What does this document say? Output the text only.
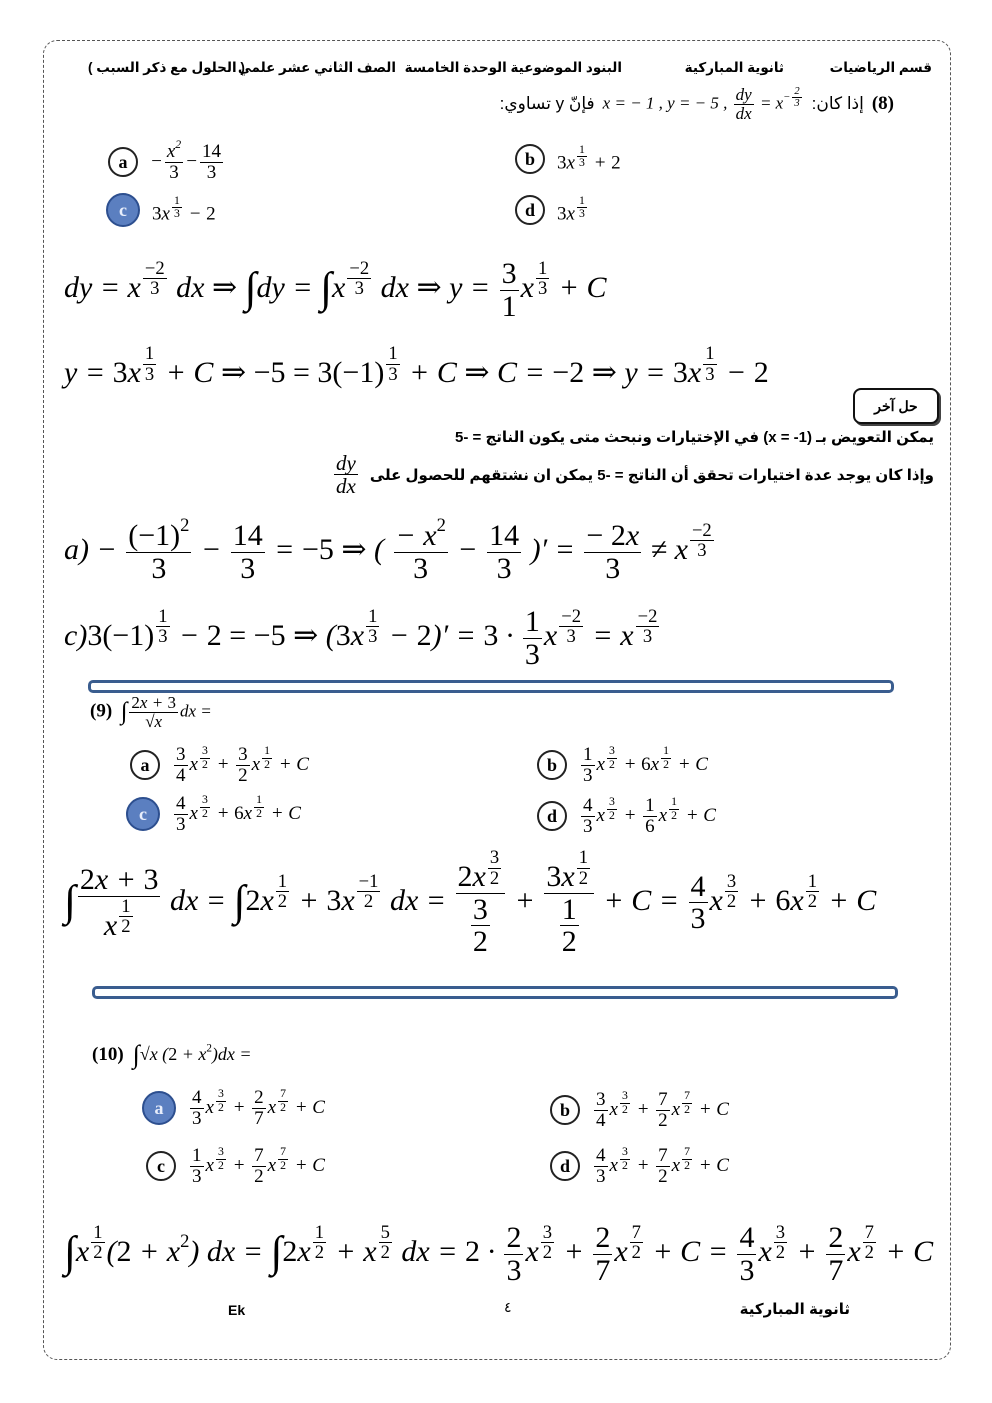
قسم الرياضيات
ثانوية المباركية
البنود الموضوعية الوحدة الخامسة
الصف الثاني عشر علمي
( الحلول مع ذكر السبب )
(8)
إذا كان:
x = − 1 , y = − 5 , $\frac{dy}{dx} = x^{- \frac{2}{3}}$
فإنّ y تساوي:
a	− $\frac{x^2}{3} - \frac{14}{3}$	b	3x $^{\frac{1}{3}}$ + 2
c	3x $^{\frac{1}{3}}$ − 2	d	3x $^{\frac{1}{3}}$
dy = x $^{\frac{-2}{3}}$ dx ⇒ ∫dy = ∫x $^{\frac{-2}{3}}$ dx ⇒ $y = \frac{3}{1}$ x $^{\frac{1}{3}}$ + C
y = 3x $^{\frac{1}{3}}$ + C ⇒ −5 = 3(−1) $^{\frac{1}{3}}$ + C ⇒ C = −2 ⇒ y = 3x $^{\frac{1}{3}}$ − 2
حل آخر
يمكن التعويض بـ (x = -1) في الإختيارات ونبحث متى يكون الناتج = -5
وإذا كان يوجد عدة اختيارات تحقق أن الناتج = -5 يمكن ان نشتقهم للحصول على
$\frac{dy}{dx}$
$a) - \frac{(-1)^2}{3} - \frac{14}{3} = -5$ ⇒ ( $\frac{- x^2}{3} - \frac{14}{3}$ )′ = $\frac{- 2x}{3} \ne x$ $^{\frac{-2}{3}}$
c)3(−1) $^{\frac{1}{3}}$ − 2 = −5 ⇒ (3x $^{\frac{1}{3}} - 2)' = 3 \cdot \frac{1}{3}$ x $^{\frac{-2}{3}}$ = x $^{\frac{-2}{3}}$
(9) ∫ $\frac{2x + 3}{√x}$ dx =
a	$\frac{3}{4}$ x $^{\frac{3}{2}} + \frac{3}{2}$ x $^{\frac{1}{2}}$ + C	b	$\frac{1}{3}$ x $^{\frac{3}{2}}$ + 6x $^{\frac{1}{2}}$ + C
c	$\frac{4}{3}$ x $^{\frac{3}{2}}$ + 6x $^{\frac{1}{2}}$ + C	d	$\frac{4}{3}$ x $^{\frac{3}{2}} + \frac{1}{6}$ x $^{\frac{1}{2}}$ + C
∫ 2x + 3
x $^{\frac{1}{2}}$ dx = ∫2x $^{\frac{1}{2}}$ + 3x $^{\frac{-1}{2}}$ dx = 2x $^{\frac{3}{2}}$
$\frac{3}{2} + 3x$ $^{\frac{1}{2}}$
$\frac{1}{2} + C = \frac{4}{3}$ x $^{\frac{3}{2}}$ + 6x $^{\frac{1}{2}}$ + C
(10) ∫√x $(2 + x^2)dx$ =
a	$\frac{4}{3}$ x $^{\frac{3}{2}} + \frac{2}{7}$ x $^{\frac{7}{2}}$ + C	b	$\frac{3}{4}$ x $^{\frac{3}{2}} + \frac{7}{2}$ x $^{\frac{7}{2}}$ + C
c	$\frac{1}{3}$ x $^{\frac{3}{2}} + \frac{7}{2}$ x $^{\frac{7}{2}}$ + C	d	$\frac{4}{3}$ x $^{\frac{3}{2}} + \frac{7}{2}$ x $^{\frac{7}{2}}$ + C
∫x $^{\frac{1}{2}}$ $(2 + x^2)$ dx = ∫2x $^{\frac{1}{2}}$ + x $^{\frac{5}{2}}$ dx = $2 \cdot \frac{2}{3}$ x $^{\frac{3}{2}} + \frac{2}{7}$ x $^{\frac{7}{2}} + C = \frac{4}{3}$ x $^{\frac{3}{2}} + \frac{2}{7}$ x $^{\frac{7}{2}}$ + C
Ek	٤	ثانوية المباركية
